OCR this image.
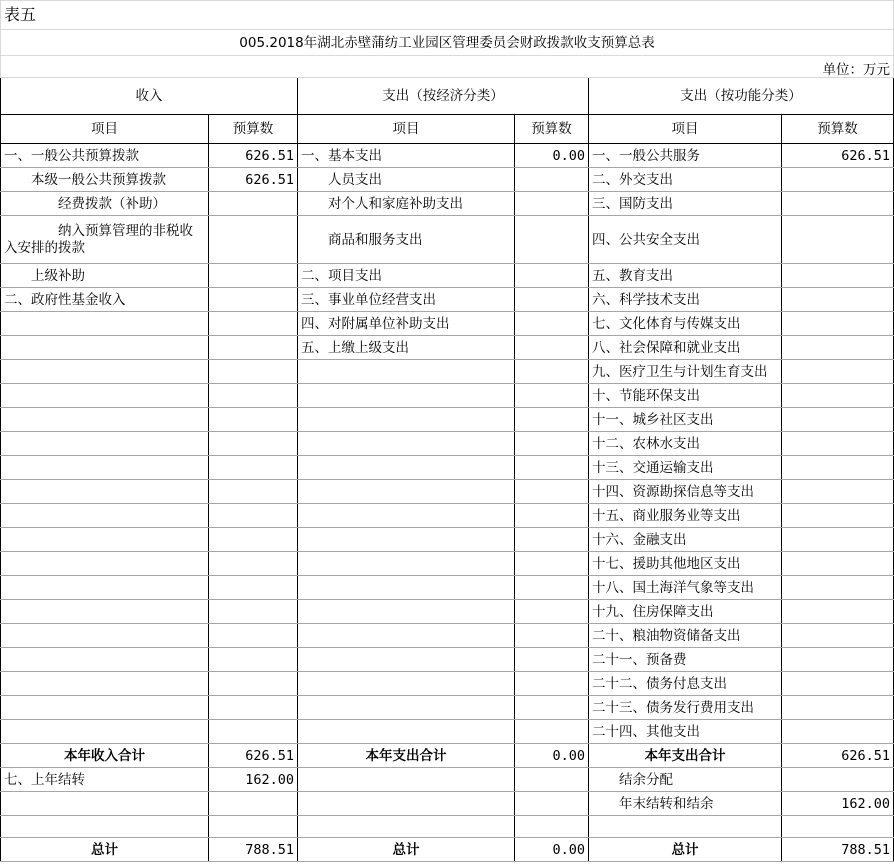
表五					
005.2018年湖北赤壁蒲纺工业园区管理委员会财政拨款收支预算总表					
单位：万元					
收入		支出（按经济分类）		支出（按功能分类）	
项目	预算数	项目	预算数	项目	预算数
一、一般公共预算拨款	626.51	一、基本支出	0.00	一、一般公共服务	626.51
　　本级一般公共预算拨款	626.51	　　人员支出		二、外交支出	
　　　　经费拨款（补助）		　　对个人和家庭补助支出		三、国防支出	
　　　　纳入预算管理的非税收入安排的拨款		　　商品和服务支出		四、公共安全支出	
　　上级补助		二、项目支出		五、教育支出	
二、政府性基金收入		三、事业单位经营支出		六、科学技术支出	
		四、对附属单位补助支出		七、文化体育与传媒支出	
		五、上缴上级支出		八、社会保障和就业支出	
				九、医疗卫生与计划生育支出	
				十、节能环保支出	
				十一、城乡社区支出	
				十二、农林水支出	
				十三、交通运输支出	
				十四、资源勘探信息等支出	
				十五、商业服务业等支出	
				十六、金融支出	
				十七、援助其他地区支出	
				十八、国土海洋气象等支出	
				十九、住房保障支出	
				二十、粮油物资储备支出	
				二十一、预备费	
				二十二、债务付息支出	
				二十三、债务发行费用支出	
				二十四、其他支出	
本年收入合计	626.51	本年支出合计	0.00	本年支出合计	626.51
七、上年结转	162.00			　　结余分配	
				　　年末结转和结余	162.00

总计	788.51	总计	0.00	总计	788.51
